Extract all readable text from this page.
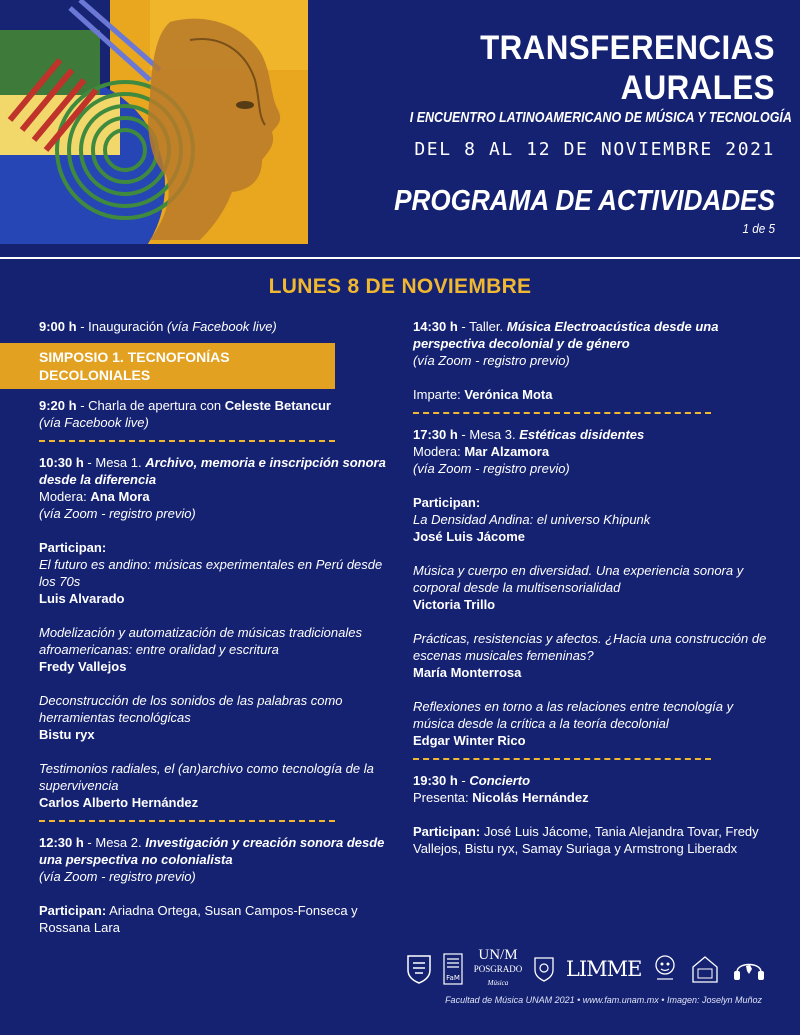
TRANSFERENCIAS AURALES
I ENCUENTRO LATINOAMERICANO DE MÚSICA Y TECNOLOGÍA
DEL 8 AL 12 DE NOVIEMBRE 2021
PROGRAMA DE ACTIVIDADES
1 de 5
LUNES 8 DE NOVIEMBRE

9:00 h - Inauguración (vía Facebook live)

SIMPOSIO 1. TECNOFONÍAS DECOLONIALES

9:20 h - Charla de apertura con Celeste Betancur

(vía Facebook live)

10:30 h - Mesa 1. Archivo, memoria e inscripción sonora desde la diferencia

Modera: Ana Mora

(vía Zoom - registro previo)

Participan:

El futuro es andino: músicas experimentales en Perú desde los 70s

Luis Alvarado

Modelización y automatización de músicas tradicionales afroamericanas: entre oralidad y escritura

Fredy Vallejos

Deconstrucción de los sonidos de las palabras como herramientas tecnológicas

Bistu ryx

Testimonios radiales, el (an)archivo como tecnología de la supervivencia

Carlos Alberto Hernández

12:30 h - Mesa 2. Investigación y creación sonora desde una perspectiva no colonialista

(vía Zoom - registro previo)

Participan: Ariadna Ortega, Susan Campos-Fonseca y Rossana Lara

14:30 h - Taller. Música Electroacústica desde una perspectiva decolonial y de género

(vía Zoom - registro previo)

Imparte: Verónica Mota

17:30 h - Mesa 3. Estéticas disidentes

Modera: Mar Alzamora

(vía Zoom - registro previo)

Participan:

La Densidad Andina: el universo Khipunk

José Luis Jácome

Música y cuerpo en diversidad. Una experiencia sonora y corporal desde la multisensorialidad

Victoria Trillo

Prácticas, resistencias y afectos. ¿Hacia una construcción de escenas musicales femeninas?

María Monterrosa

Reflexiones en torno a las relaciones entre tecnología y música desde la crítica a la teoría decolonial

Edgar Winter Rico

19:30 h - Concierto

Presenta: Nicolás Hernández

Participan: José Luis Jácome, Tania Alejandra Tovar, Fredy Vallejos, Bistu ryx, Samay Suriaga y Armstrong Liberadx

FaM
UN/M
POSGRADO
Música
LIMME
Facultad de Música UNAM 2021 • www.fam.unam.mx • Imagen: Joselyn Muñoz
